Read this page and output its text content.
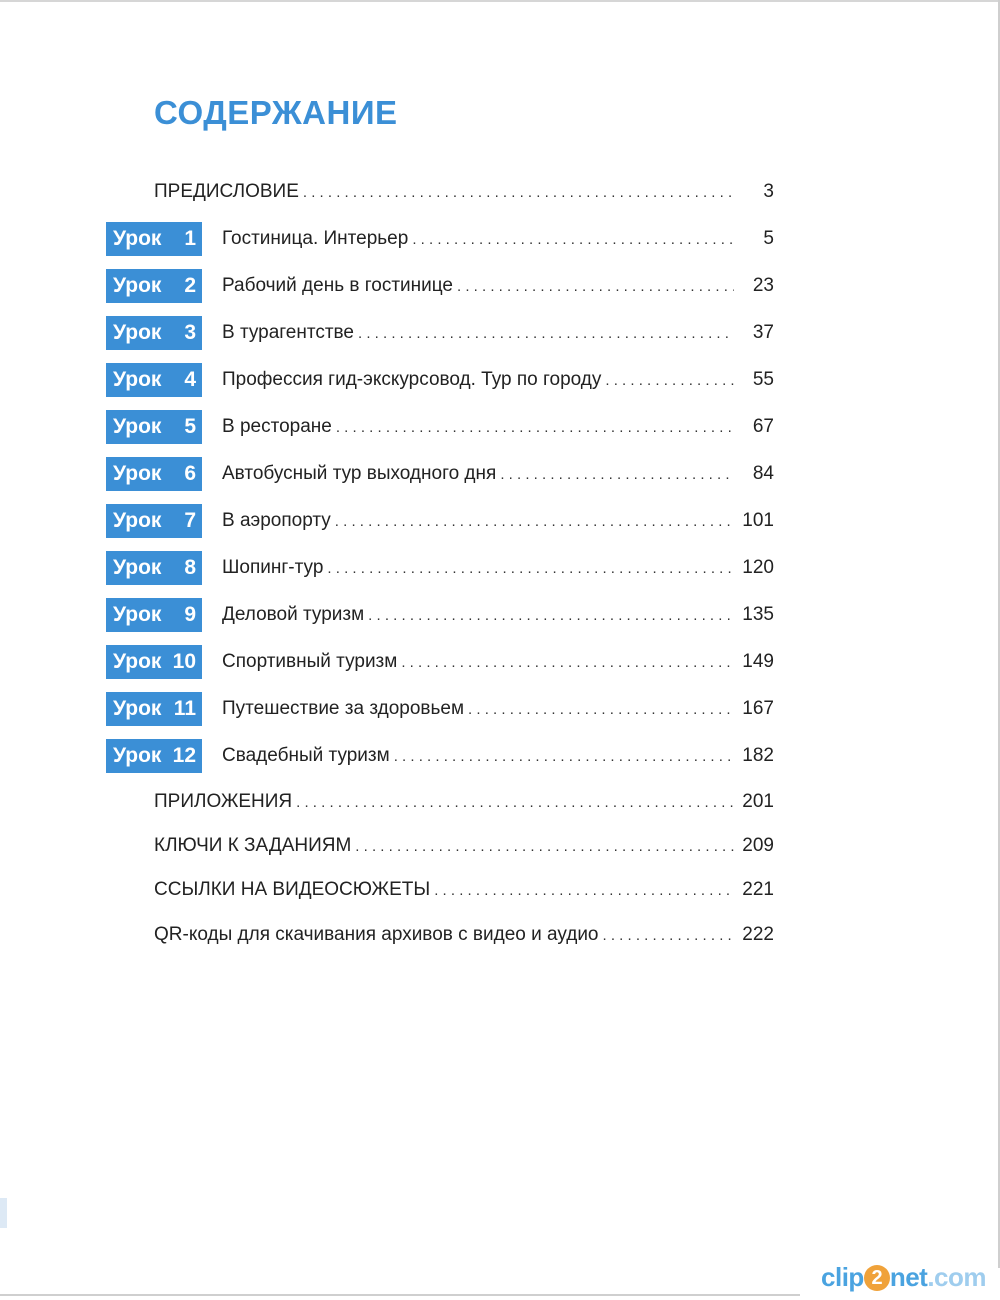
СОДЕРЖАНИЕ
ПРЕДИСЛОВИЕ . . .	3
Урок 1 Гостиница. Интерьер . . .	5
Урок 2 Рабочий день в гостинице . . .	23
Урок 3 В турагентстве . . .	37
Урок 4 Профессия гид-экскурсовод. Тур по городу . . .	55
Урок 5 В ресторане . . .	67
Урок 6 Автобусный тур выходного дня . . .	84
Урок 7 В аэропорту . . .	101
Урок 8 Шопинг-тур . . .	120
Урок 9 Деловой туризм . . .	135
Урок 10 Спортивный туризм . . .	149
Урок 11 Путешествие за здоровьем . . .	167
Урок 12 Свадебный туризм . . .	182
ПРИЛОЖЕНИЯ . . .	201
КЛЮЧИ К ЗАДАНИЯМ . . .	209
ССЫЛКИ НА ВИДЕОСЮЖЕТЫ . . .	221
QR-коды для скачивания архивов с видео и аудио . . .	222
clip 2 net.com
